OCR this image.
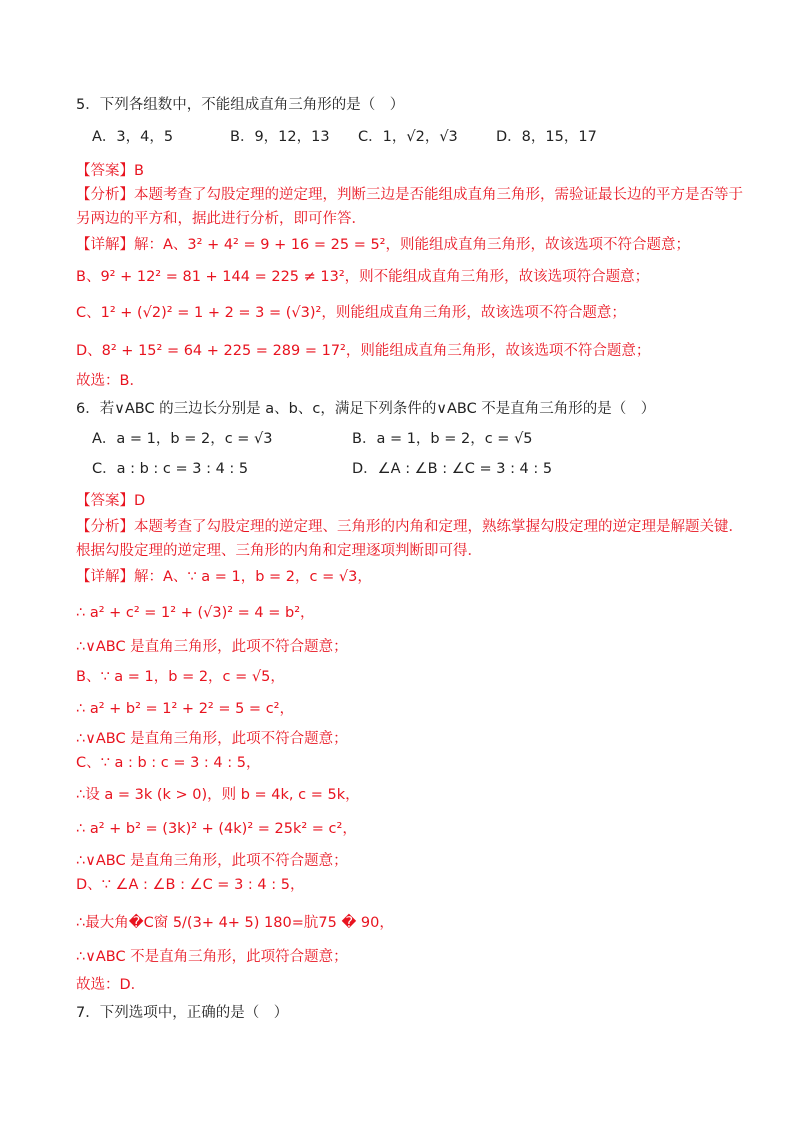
5．下列各组数中，不能组成直角三角形的是（　）
A．3，4，5	B．9，12，13 C．1，√2，√3	D．8，15，17
【答案】B
【分析】本题考查了勾股定理的逆定理，判断三边是否能组成直角三角形，需验证最长边的平方是否等于
另两边的平方和，据此进行分析，即可作答．
【详解】解：A、3² + 4² = 9 + 16 = 25 = 5²，则能组成直角三角形，故该选项不符合题意；
B、9² + 12² = 81 + 144 = 225 ≠ 13²，则不能组成直角三角形，故该选项符合题意；
C、1² + (√2)² = 1 + 2 = 3 = (√3)²，则能组成直角三角形，故该选项不符合题意；
D、8² + 15² = 64 + 225 = 289 = 17²，则能组成直角三角形，故该选项不符合题意；
故选：B．
6．若∨ABC 的三边长分别是 a、b、c，满足下列条件的∨ABC 不是直角三角形的是（　）
A．a = 1，b = 2，c = √3	B．a = 1，b = 2，c = √5
C．a : b : c = 3 : 4 : 5	D．∠A : ∠B : ∠C = 3 : 4 : 5
【答案】D
【分析】本题考查了勾股定理的逆定理、三角形的内角和定理，熟练掌握勾股定理的逆定理是解题关键．
根据勾股定理的逆定理、三角形的内角和定理逐项判断即可得．
【详解】解：A、∵ a = 1，b = 2，c = √3，
∴ a² + c² = 1² + (√3)² = 4 = b²，
∴∨ABC 是直角三角形，此项不符合题意；
B、∵ a = 1，b = 2，c = √5，
∴ a² + b² = 1² + 2² = 5 = c²，
∴∨ABC 是直角三角形，此项不符合题意；
C、∵ a : b : c = 3 : 4 : 5，
∴设 a = 3k (k > 0)，则 b = 4k, c = 5k，
∴ a² + b² = (3k)² + (4k)² = 25k² = c²，
∴∨ABC 是直角三角形，此项不符合题意；
D、∵ ∠A : ∠B : ∠C = 3 : 4 : 5，
∴最大角�C窗 5/(3+ 4+ 5) 180=肮75 � 90，
∴∨ABC 不是直角三角形，此项符合题意；
故选：D．
7．下列选项中，正确的是（　）
